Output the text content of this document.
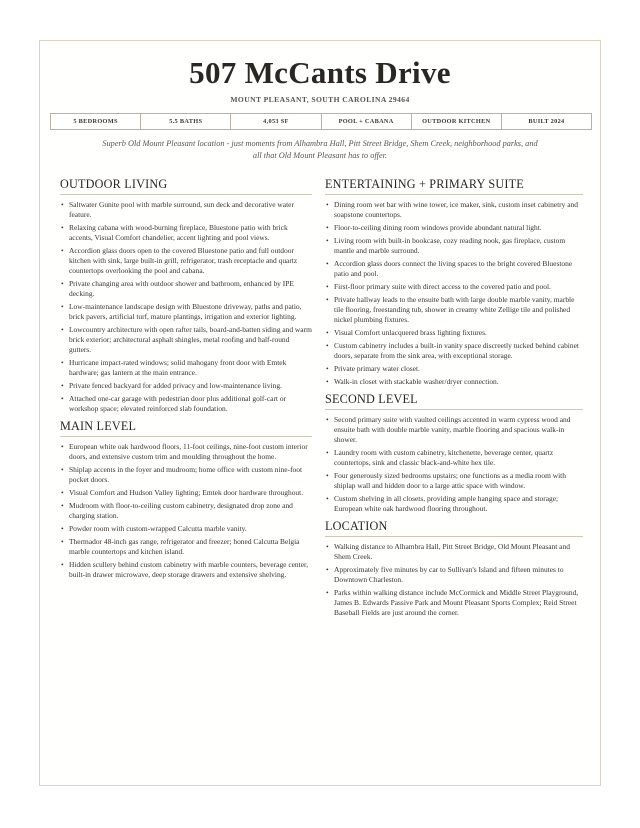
507 McCants Drive
MOUNT PLEASANT, SOUTH CAROLINA 29464
5 BEDROOMS	5.5 BATHS	4,053 SF	POOL + CABANA	OUTDOOR KITCHEN	BUILT 2024

Superb Old Mount Pleasant location - just moments from Alhambra Hall, Pitt Street Bridge, Shem Creek, neighborhood parks, and all that Old Mount Pleasant has to offer.

OUTDOOR LIVING
• Saltwater Gunite pool with marble surround, sun deck and decorative water feature.
• Relaxing cabana with wood-burning fireplace, Bluestone patio with brick accents, Visual Comfort chandelier, accent lighting and pool views.
• Accordion glass doors open to the covered Bluestone patio and full outdoor kitchen with sink, large built-in grill, refrigerator, trash receptacle and quartz countertops overlooking the pool and cabana.
• Private changing area with outdoor shower and bathroom, enhanced by IPE decking.
• Low-maintenance landscape design with Bluestone driveway, paths and patio, brick pavers, artificial turf, mature plantings, irrigation and exterior lighting.
• Lowcountry architecture with open rafter tails, board-and-batten siding and warm brick exterior; architectural asphalt shingles, metal roofing and half-round gutters.
• Hurricane impact-rated windows; solid mahogany front door with Emtek hardware; gas lantern at the main entrance.
• Private fenced backyard for added privacy and low-maintenance living.
• Attached one-car garage with pedestrian door plus additional golf-cart or workshop space; elevated reinforced slab foundation.
MAIN LEVEL
• European white oak hardwood floors, 11-foot ceilings, nine-foot custom interior doors, and extensive custom trim and moulding throughout the home.
• Shiplap accents in the foyer and mudroom; home office with custom nine-foot pocket doors.
• Visual Comfort and Hudson Valley lighting; Emtek door hardware throughout.
• Mudroom with floor-to-ceiling custom cabinetry, designated drop zone and charging station.
• Powder room with custom-wrapped Calcutta marble vanity.
• Thermador 48-inch gas range, refrigerator and freezer; honed Calcutta Belgia marble countertops and kitchen island.
• Hidden scullery behind custom cabinetry with marble counters, beverage center, built-in drawer microwave, deep storage drawers and extensive shelving.
ENTERTAINING + PRIMARY SUITE
• Dining room wet bar with wine tower, ice maker, sink, custom inset cabinetry and soapstone countertops.
• Floor-to-ceiling dining room windows provide abundant natural light.
• Living room with built-in bookcase, cozy reading nook, gas fireplace, custom mantle and marble surround.
• Accordion glass doors connect the living spaces to the bright covered Bluestone patio and pool.
• First-floor primary suite with direct access to the covered patio and pool.
• Private hallway leads to the ensuite bath with large double marble vanity, marble tile flooring, freestanding tub, shower in creamy white Zellige tile and polished nickel plumbing fixtures.
• Visual Comfort unlacquered brass lighting fixtures.
• Custom cabinetry includes a built-in vanity space discreetly tucked behind cabinet doors, separate from the sink area, with exceptional storage.
• Private primary water closet.
• Walk-in closet with stackable washer/dryer connection.
SECOND LEVEL
• Second primary suite with vaulted ceilings accented in warm cypress wood and ensuite bath with double marble vanity, marble flooring and spacious walk-in shower.
• Laundry room with custom cabinetry, kitchenette, beverage center, quartz countertops, sink and classic black-and-white hex tile.
• Four generously sized bedrooms upstairs; one functions as a media room with shiplap wall and hidden door to a large attic space with window.
• Custom shelving in all closets, providing ample hanging space and storage; European white oak hardwood flooring throughout.
LOCATION
• Walking distance to Alhambra Hall, Pitt Street Bridge, Old Mount Pleasant and Shem Creek.
• Approximately five minutes by car to Sullivan's Island and fifteen minutes to Downtown Charleston.
• Parks within walking distance include McCormick and Middle Street Playground, James B. Edwards Passive Park and Mount Pleasant Sports Complex; Reid Street Baseball Fields are just around the corner.
